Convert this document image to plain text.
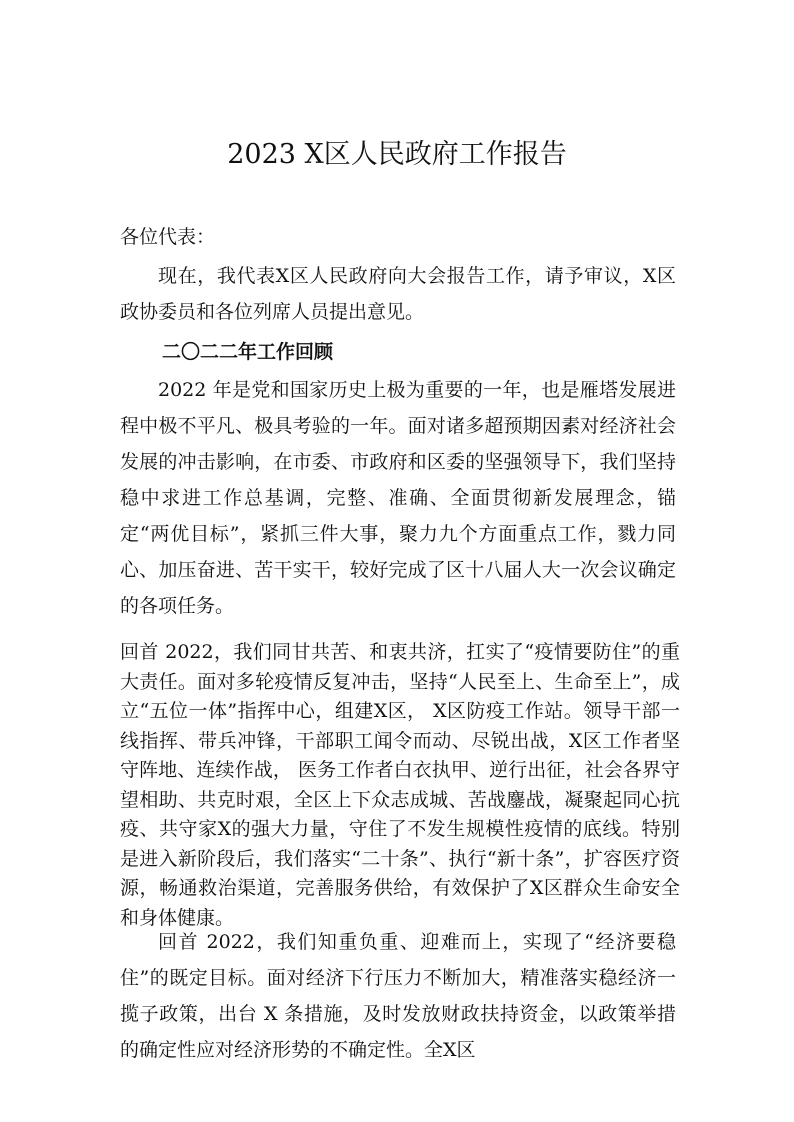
2023 X区人民政府工作报告
各位代表：

现在，我代表X区人民政府向大会报告工作，请予审议，X区政协委员和各位列席人员提出意见。

二〇二二年工作回顾

2022 年是党和国家历史上极为重要的一年，也是雁塔发展进程中极不平凡、极具考验的一年。面对诸多超预期因素对经济社会发展的冲击影响，在市委、市政府和区委的坚强领导下，我们坚持稳中求进工作总基调，完整、准确、全面贯彻新发展理念，锚定“两优目标”，紧抓三件大事，聚力九个方面重点工作，戮力同心、加压奋进、苦干实干，较好完成了区十八届人大一次会议确定的各项任务。

回首 2022，我们同甘共苦、和衷共济，扛实了“疫情要防住”的重大责任。面对多轮疫情反复冲击，坚持“人民至上、生命至上”，成立“五位一体”指挥中心，组建X区， X区防疫工作站。领导干部一线指挥、带兵冲锋，干部职工闻令而动、尽锐出战，X区工作者坚守阵地、连续作战， 医务工作者白衣执甲、逆行出征，社会各界守望相助、共克时艰，全区上下众志成城、苦战鏖战，凝聚起同心抗疫、共守家X的强大力量，守住了不发生规模性疫情的底线。特别是进入新阶段后，我们落实“二十条”、执行“新十条”，扩容医疗资源，畅通救治渠道，完善服务供给，有效保护了X区群众生命安全和身体健康。

回首 2022，我们知重负重、迎难而上，实现了“经济要稳住”的既定目标。面对经济下行压力不断加大，精准落实稳经济一揽子政策，出台 X 条措施，及时发放财政扶持资金，以政策举措的确定性应对经济形势的不确定性。全X区
